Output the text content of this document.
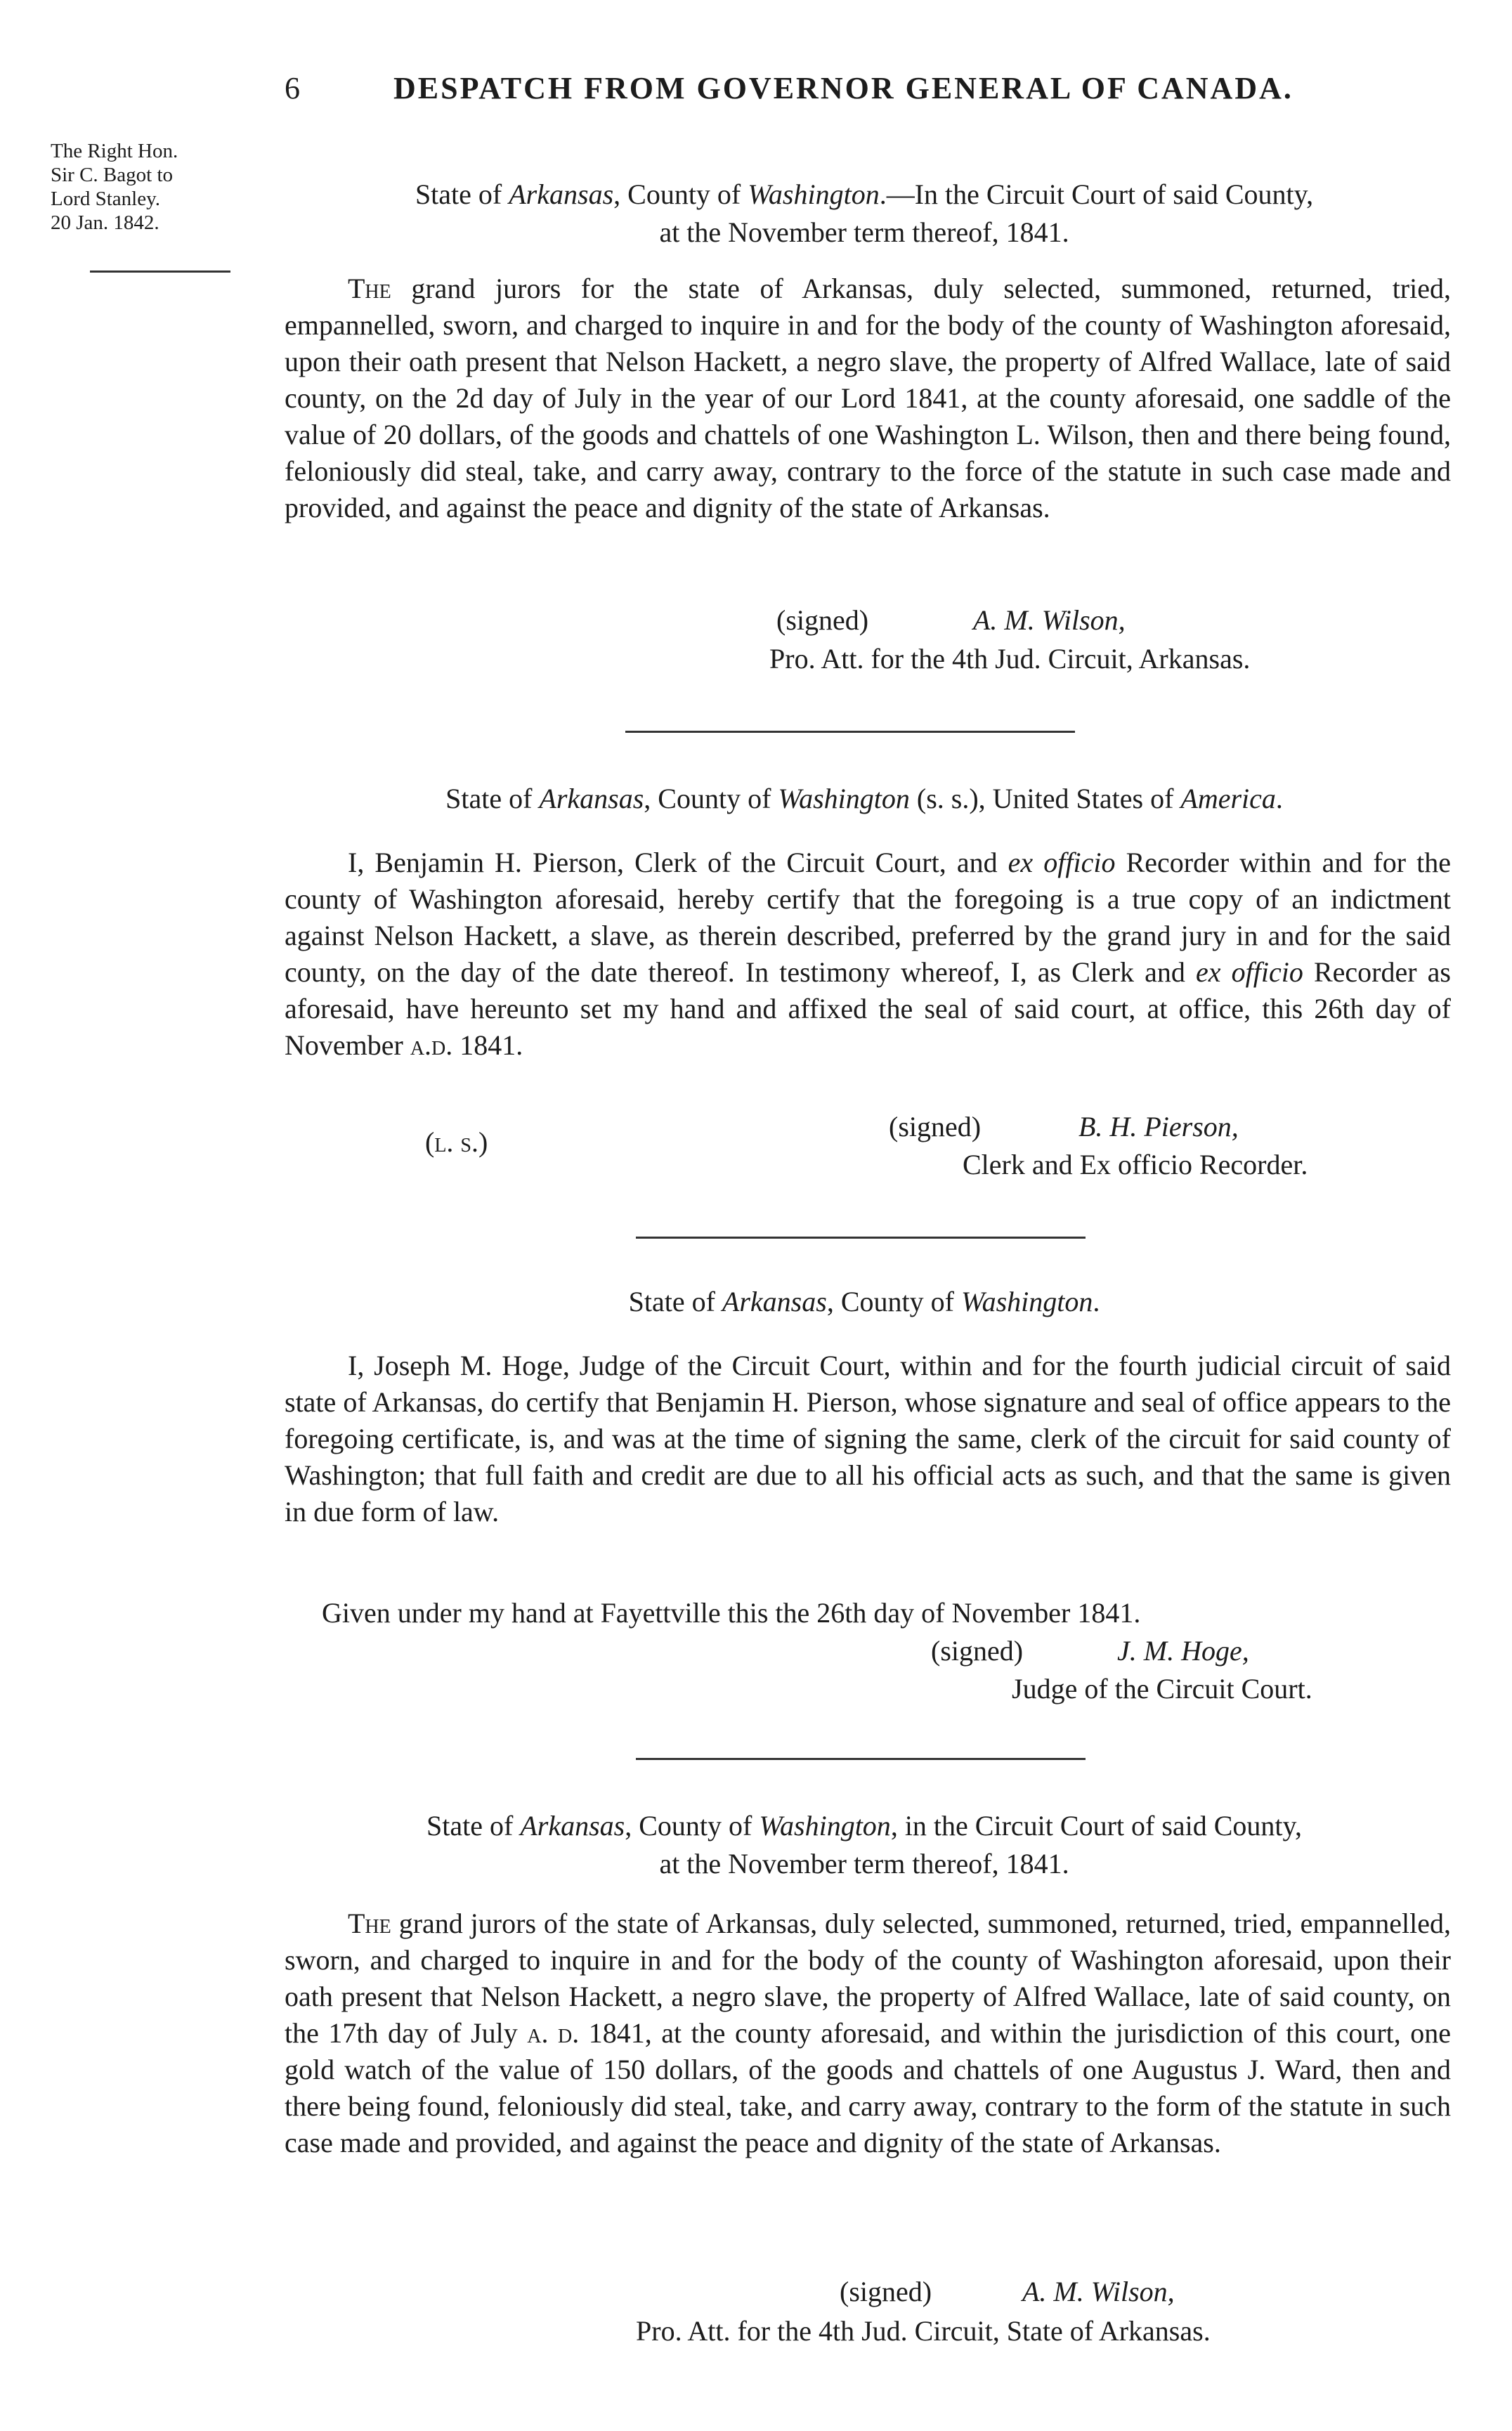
6	DESPATCH FROM GOVERNOR GENERAL OF CANADA.
The Right Hon.
Sir C. Bagot to
Lord Stanley.
20 Jan. 1842.
State of Arkansas, County of Washington.—In the Circuit Court of said County,
at the November term thereof, 1841.
The grand jurors for the state of Arkansas, duly selected, summoned, returned, tried, empannelled, sworn, and charged to inquire in and for the body of the county of Washington aforesaid, upon their oath present that Nelson Hackett, a negro slave, the property of Alfred Wallace, late of said county, on the 2d day of July in the year of our Lord 1841, at the county aforesaid, one saddle of the value of 20 dollars, of the goods and chattels of one Washington L. Wilson, then and there being found, feloniously did steal, take, and carry away, contrary to the force of the statute in such case made and provided, and against the peace and dignity of the state of Arkansas.
(signed)	A. M. Wilson,
Pro. Att. for the 4th Jud. Circuit, Arkansas.
State of Arkansas, County of Washington (s. s.), United States of America.
I, Benjamin H. Pierson, Clerk of the Circuit Court, and ex officio Recorder within and for the county of Washington aforesaid, hereby certify that the foregoing is a true copy of an indictment against Nelson Hackett, a slave, as therein described, preferred by the grand jury in and for the said county, on the day of the date thereof. In testimony whereof, I, as Clerk and ex officio Recorder as aforesaid, have hereunto set my hand and affixed the seal of said court, at office, this 26th day of November a.d. 1841.
(l. s.)	(signed)	B. H. Pierson,
Clerk and Ex officio Recorder.
State of Arkansas, County of Washington.
I, Joseph M. Hoge, Judge of the Circuit Court, within and for the fourth judicial circuit of said state of Arkansas, do certify that Benjamin H. Pierson, whose signature and seal of office appears to the foregoing certificate, is, and was at the time of signing the same, clerk of the circuit for said county of Washington; that full faith and credit are due to all his official acts as such, and that the same is given in due form of law.
Given under my hand at Fayettville this the 26th day of November 1841.
(signed)	J. M. Hoge,
Judge of the Circuit Court.
State of Arkansas, County of Washington, in the Circuit Court of said County,
at the November term thereof, 1841.
The grand jurors of the state of Arkansas, duly selected, summoned, returned, tried, empannelled, sworn, and charged to inquire in and for the body of the county of Washington aforesaid, upon their oath present that Nelson Hackett, a negro slave, the property of Alfred Wallace, late of said county, on the 17th day of July a. d. 1841, at the county aforesaid, and within the jurisdiction of this court, one gold watch of the value of 150 dollars, of the goods and chattels of one Augustus J. Ward, then and there being found, feloniously did steal, take, and carry away, contrary to the form of the statute in such case made and provided, and against the peace and dignity of the state of Arkansas.
(signed)	A. M. Wilson,
Pro. Att. for the 4th Jud. Circuit, State of Arkansas.
